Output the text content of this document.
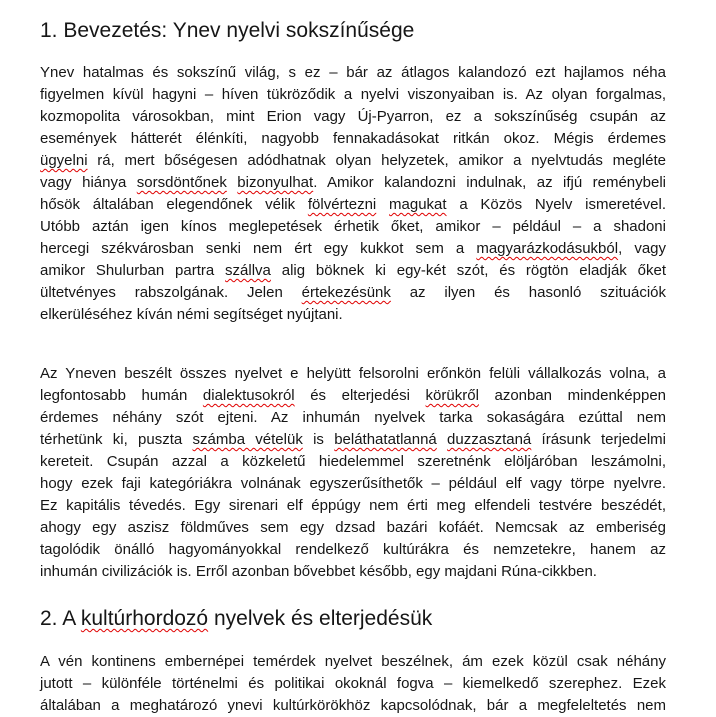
1. Bevezetés: Ynev nyelvi sokszínűsége

Ynev hatalmas és sokszínű világ, s ez – bár az átlagos kalandozó ezt hajlamos néha
figyelmen kívül hagyni – híven tükröződik a nyelvi viszonyaiban is. Az olyan forgalmas,
kozmopolita városokban, mint Erion vagy Új-Pyarron, ez a sokszínűség csupán az
események hátterét élénkíti, nagyobb fennakadásokat ritkán okoz. Mégis érdemes
ügyelni rá, mert bőségesen adódhatnak olyan helyzetek, amikor a nyelvtudás megléte
vagy hiánya sorsdöntőnek bizonyulhat. Amikor kalandozni indulnak, az ifjú reménybeli
hősök általában elegendőnek vélik fölvértezni magukat a Közös Nyelv ismeretével.
Utóbb aztán igen kínos meglepetések érhetik őket, amikor – például – a shadoni
hercegi székvárosban senki nem ért egy kukkot sem a magyarázkodásukból, vagy
amikor Shulurban partra szállva alig böknek ki egy-két szót, és rögtön eladják őket
ültetvényes rabszolgának. Jelen értekezésünk az ilyen és hasonló szituációk
elkerüléséhez kíván némi segítséget nyújtani.

Az Yneven beszélt összes nyelvet e helyütt felsorolni erőnkön felüli vállalkozás volna, a
legfontosabb humán dialektusokról és elterjedési körükről azonban mindenképpen
érdemes néhány szót ejteni. Az inhumán nyelvek tarka sokaságára ezúttal nem
térhetünk ki, puszta számba vételük is beláthatatlanná duzzasztaná írásunk terjedelmi
kereteit. Csupán azzal a közkeletű hiedelemmel szeretnénk elöljáróban leszámolni,
hogy ezek faji kategóriákra volnának egyszerűsíthetők – például elf vagy törpe nyelvre.
Ez kapitális tévedés. Egy sirenari elf éppúgy nem érti meg elfendeli testvére beszédét,
ahogy egy aszisz földműves sem egy dzsad bazári kofáét. Nemcsak az emberiség
tagolódik önálló hagyományokkal rendelkező kultúrákra és nemzetekre, hanem az
inhumán civilizációk is. Erről azonban bővebbet később, egy majdani Rúna-cikkben.

2. A kultúrhordozó nyelvek és elterjedésük

A vén kontinens embernépei temérdek nyelvet beszélnek, ám ezek közül csak néhány
jutott – különféle történelmi és politikai okoknál fogva – kiemelkedő szerephez. Ezek
általában a meghatározó ynevi kultúrkörökhöz kapcsolódnak, bár a megfeleltetés nem
